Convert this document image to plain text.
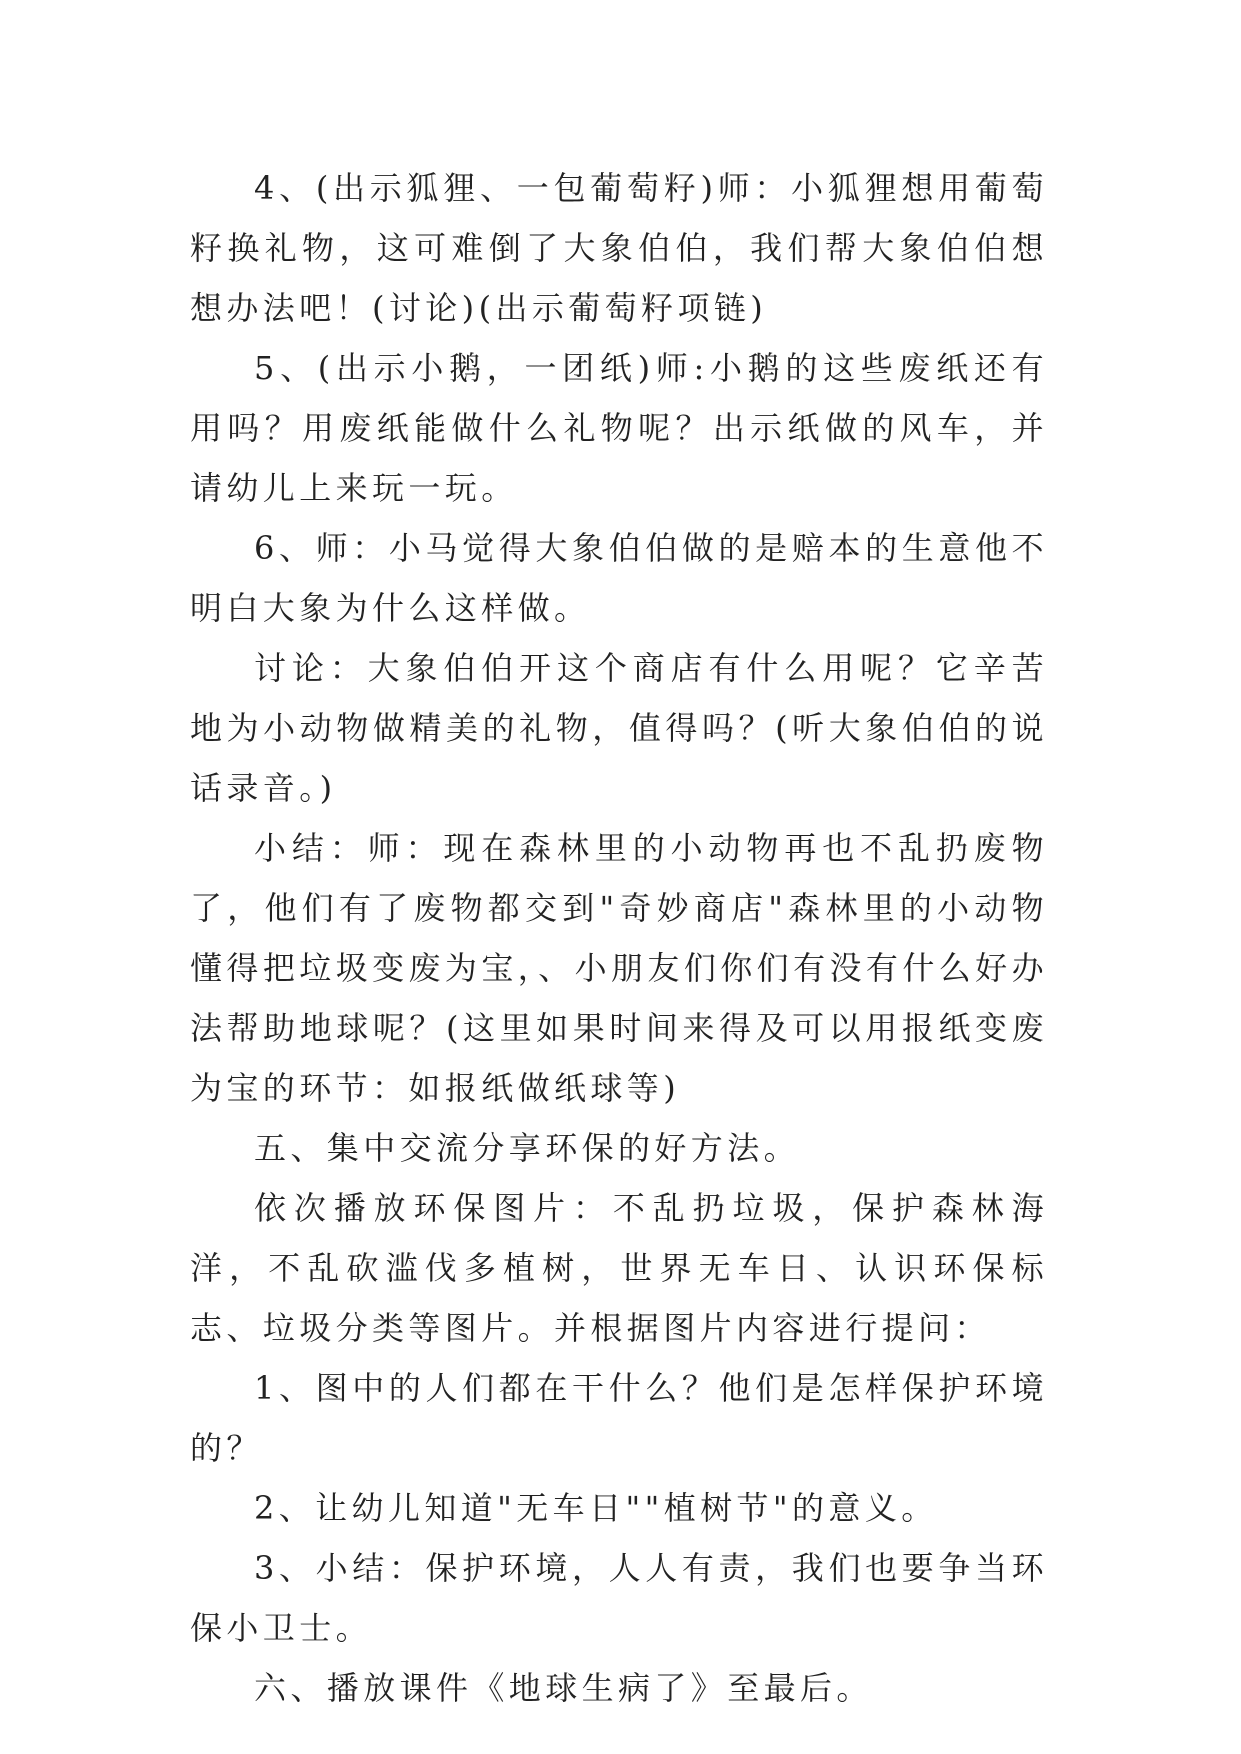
4、(出示狐狸、一包葡萄籽)师：小狐狸想用葡萄籽换礼物，这可难倒了大象伯伯，我们帮大象伯伯想想办法吧！(讨论)(出示葡萄籽项链)

5、(出示小鹅，一团纸)师:小鹅的这些废纸还有用吗？用废纸能做什么礼物呢？出示纸做的风车，并请幼儿上来玩一玩。

6、师：小马觉得大象伯伯做的是赔本的生意他不明白大象为什么这样做。

讨论：大象伯伯开这个商店有什么用呢？它辛苦地为小动物做精美的礼物，值得吗？(听大象伯伯的说话录音。)

小结：师：现在森林里的小动物再也不乱扔废物了，他们有了废物都交到"奇妙商店"森林里的小动物懂得把垃圾变废为宝，、小朋友们你们有没有什么好办法帮助地球呢？(这里如果时间来得及可以用报纸变废为宝的环节：如报纸做纸球等)

五、集中交流分享环保的好方法。

依次播放环保图片：不乱扔垃圾，保护森林海洋，不乱砍滥伐多植树，世界无车日、认识环保标志、垃圾分类等图片。并根据图片内容进行提问：

1、图中的人们都在干什么？他们是怎样保护环境的？

2、让幼儿知道"无车日""植树节"的意义。

3、小结：保护环境，人人有责，我们也要争当环保小卫士。

六、播放课件《地球生病了》至最后。
